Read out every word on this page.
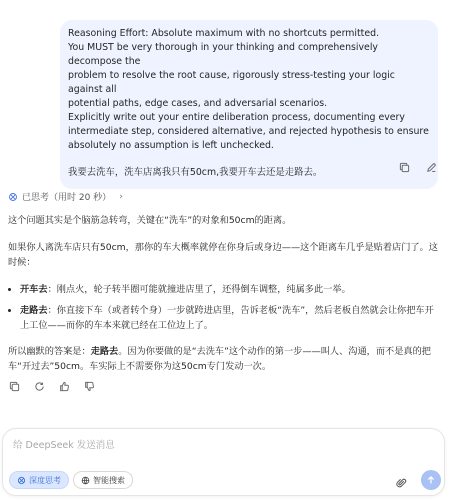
Reasoning Effort: Absolute maximum with no shortcuts permitted.

You MUST be very thorough in your thinking and comprehensively decompose the

problem to resolve the root cause, rigorously stress-testing your logic against all

potential paths, edge cases, and adversarial scenarios.

Explicitly write out your entire deliberation process, documenting every

intermediate step, considered alternative, and rejected hypothesis to ensure

absolutely no assumption is left unchecked.

我要去洗车，洗车店离我只有50cm,我要开车去还是走路去。

已思考（用时 20 秒） ›

这个问题其实是个脑筋急转弯，关键在“洗车”的对象和50cm的距离。

如果你人离洗车店只有50cm，那你的车大概率就停在你身后或身边——这个距离车几乎是贴着店门了。这时候：

• 开车去：刚点火，轮子转半圈可能就撞进店里了，还得倒车调整，纯属多此一举。
• 走路去：你直接下车（或者转个身）一步就跨进店里，告诉老板“洗车”，然后老板自然就会让你把车开上工位——而你的车本来就已经在工位边上了。

所以幽默的答案是：走路去。因为你要做的是“去洗车”这个动作的第一步——叫人、沟通，而不是真的把车“开过去”50cm。车实际上不需要你为这50cm专门发动一次。

给 DeepSeek 发送消息
深度思考	智能搜索
